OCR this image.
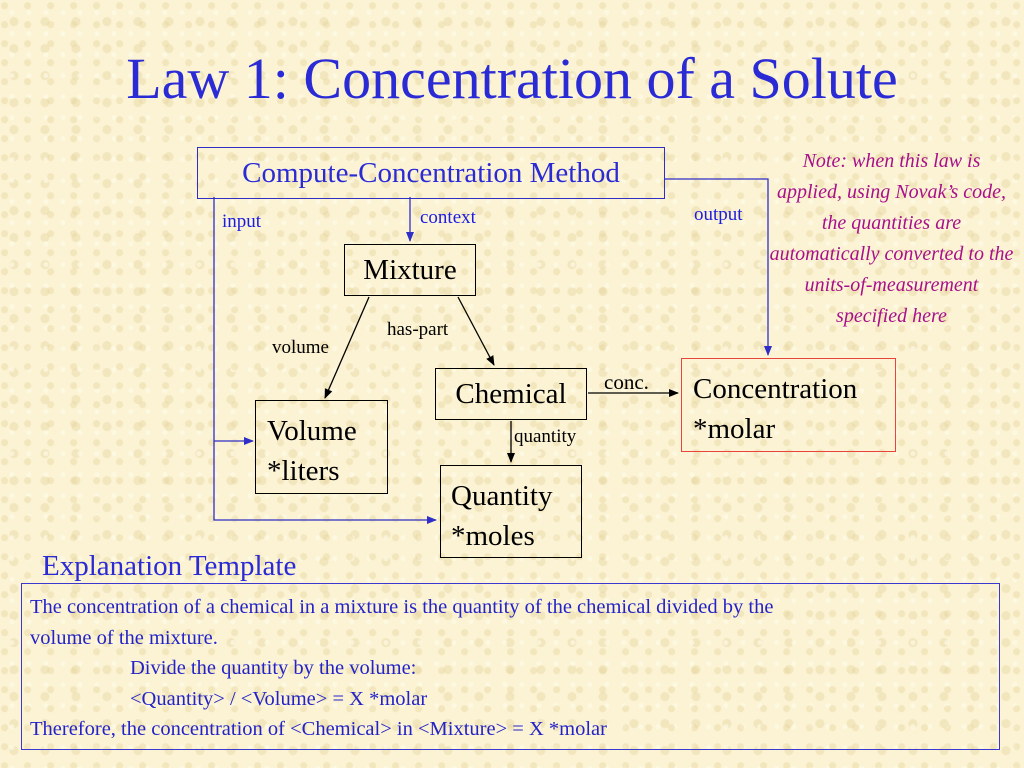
Law 1: Concentration of a Solute
Compute-Concentration Method
input	context	output
Mixture
volume
has-part
Chemical	conc.
quantity
Volume
*liters
Quantity
*moles
Concentration
*molar
Note: when this law is applied, using Novak’s code, the quantities are automatically converted to the units-of-measurement specified here
Explanation Template
The concentration of a chemical in a mixture is the quantity of the chemical divided by the
volume of the mixture.
Divide the quantity by the volume:
<Quantity> / <Volume> = X *molar
Therefore, the concentration of <Chemical> in <Mixture> = X *molar
